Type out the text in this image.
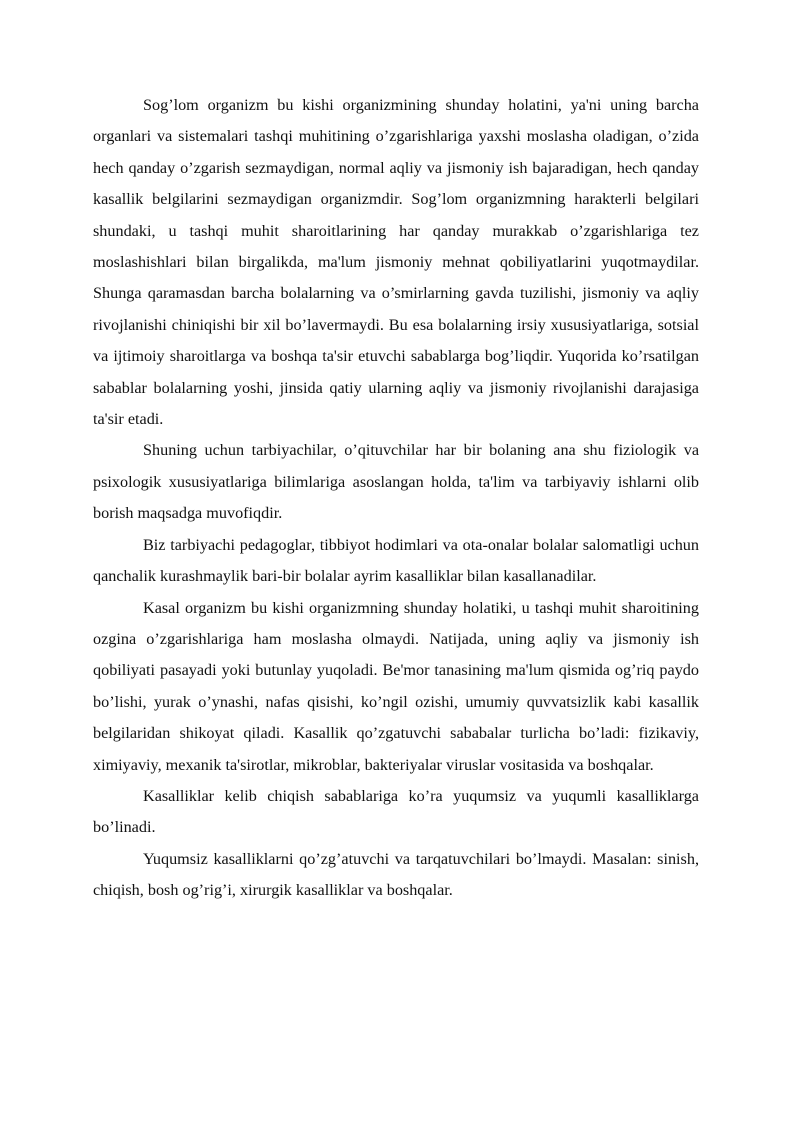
Sog’lom organizm bu kishi organizmining shunday holatini, ya'ni uning barcha organlari va sistemalari tashqi muhitining o’zgarishlariga yaxshi moslasha oladigan, o’zida hech qanday o’zgarish sezmaydigan, normal aqliy va jismoniy ish bajaradigan, hech qanday kasallik belgilarini sezmaydigan organizmdir. Sog’lom organizmning harakterli belgilari shundaki, u tashqi muhit sharoitlarining har qanday murakkab o’zgarishlariga tez moslashishlari bilan birgalikda, ma'lum jismoniy mehnat qobiliyatlarini yuqotmaydilar. Shunga qaramasdan barcha bolalarning va o’smirlarning gavda tuzilishi, jismoniy va aqliy rivojlanishi chiniqishi bir xil bo’lavermaydi. Bu esa bolalarning irsiy xususiyatlariga, sotsial va ijtimoiy sharoitlarga va boshqa ta'sir etuvchi sabablarga bog’liqdir. Yuqorida ko’rsatilgan sabablar bolalarning yoshi, jinsida qatiy ularning aqliy va jismoniy rivojlanishi darajasiga ta'sir etadi.

Shuning uchun tarbiyachilar, o’qituvchilar har bir bolaning ana shu fiziologik va psixologik xususiyatlariga bilimlariga asoslangan holda, ta'lim va tarbiyaviy ishlarni olib borish maqsadga muvofiqdir.

Biz tarbiyachi pedagoglar, tibbiyot hodimlari va ota-onalar bolalar salomatligi uchun qanchalik kurashmaylik bari-bir bolalar ayrim kasalliklar bilan kasallanadilar.

Kasal organizm bu kishi organizmning shunday holatiki, u tashqi muhit sharoitining ozgina o’zgarishlariga ham moslasha olmaydi. Natijada, uning aqliy va jismoniy ish qobiliyati pasayadi yoki butunlay yuqoladi. Be'mor tanasining ma'lum qismida og’riq paydo bo’lishi, yurak o’ynashi, nafas qisishi, ko’ngil ozishi, umumiy quvvatsizlik kabi kasallik belgilaridan shikoyat qiladi. Kasallik qo’zgatuvchi sababalar turlicha bo’ladi: fizikaviy, ximiyaviy, mexanik ta'sirotlar, mikroblar, bakteriyalar viruslar vositasida va boshqalar.

Kasalliklar kelib chiqish sabablariga ko’ra yuqumsiz va yuqumli kasalliklarga bo’linadi.

Yuqumsiz kasalliklarni qo’zg’atuvchi va tarqatuvchilari bo’lmaydi. Masalan: sinish, chiqish, bosh og’rig’i, xirurgik kasalliklar va boshqalar.
